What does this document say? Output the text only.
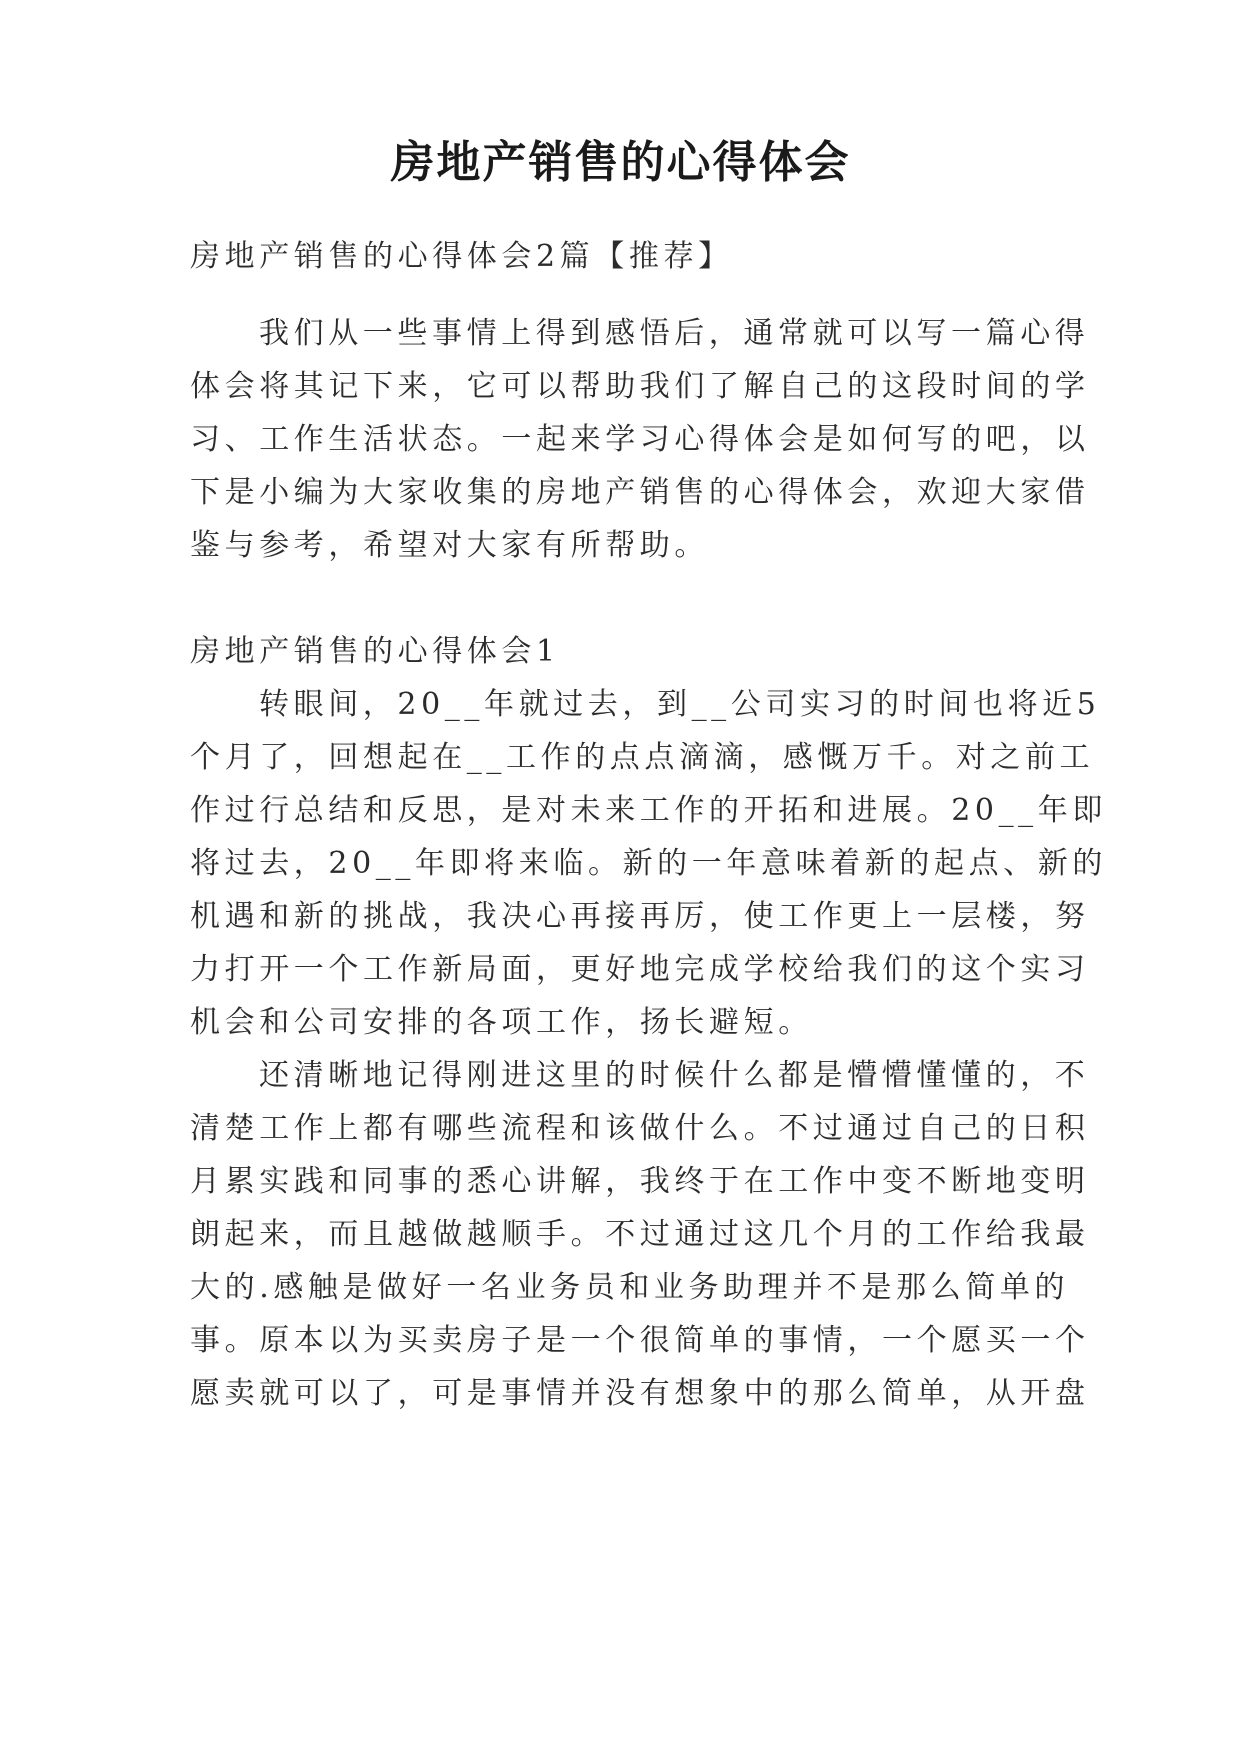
房地产销售的心得体会
房地产销售的心得体会2篇【推荐】
我们从一些事情上得到感悟后，通常就可以写一篇心得
体会将其记下来，它可以帮助我们了解自己的这段时间的学
习、工作生活状态。一起来学习心得体会是如何写的吧，以
下是小编为大家收集的房地产销售的心得体会，欢迎大家借
鉴与参考，希望对大家有所帮助。
房地产销售的心得体会1
转眼间，20__年就过去，到__公司实习的时间也将近5
个月了，回想起在__工作的点点滴滴，感慨万千。对之前工
作过行总结和反思，是对未来工作的开拓和进展。20__年即
将过去，20__年即将来临。新的一年意味着新的起点、新的
机遇和新的挑战，我决心再接再厉，使工作更上一层楼，努
力打开一个工作新局面，更好地完成学校给我们的这个实习
机会和公司安排的各项工作，扬长避短。
还清晰地记得刚进这里的时候什么都是懵懵懂懂的，不
清楚工作上都有哪些流程和该做什么。不过通过自己的日积
月累实践和同事的悉心讲解，我终于在工作中变不断地变明
朗起来，而且越做越顺手。不过通过这几个月的工作给我最
大的.感触是做好一名业务员和业务助理并不是那么简单的
事。原本以为买卖房子是一个很简单的事情，一个愿买一个
愿卖就可以了，可是事情并没有想象中的那么简单，从开盘
